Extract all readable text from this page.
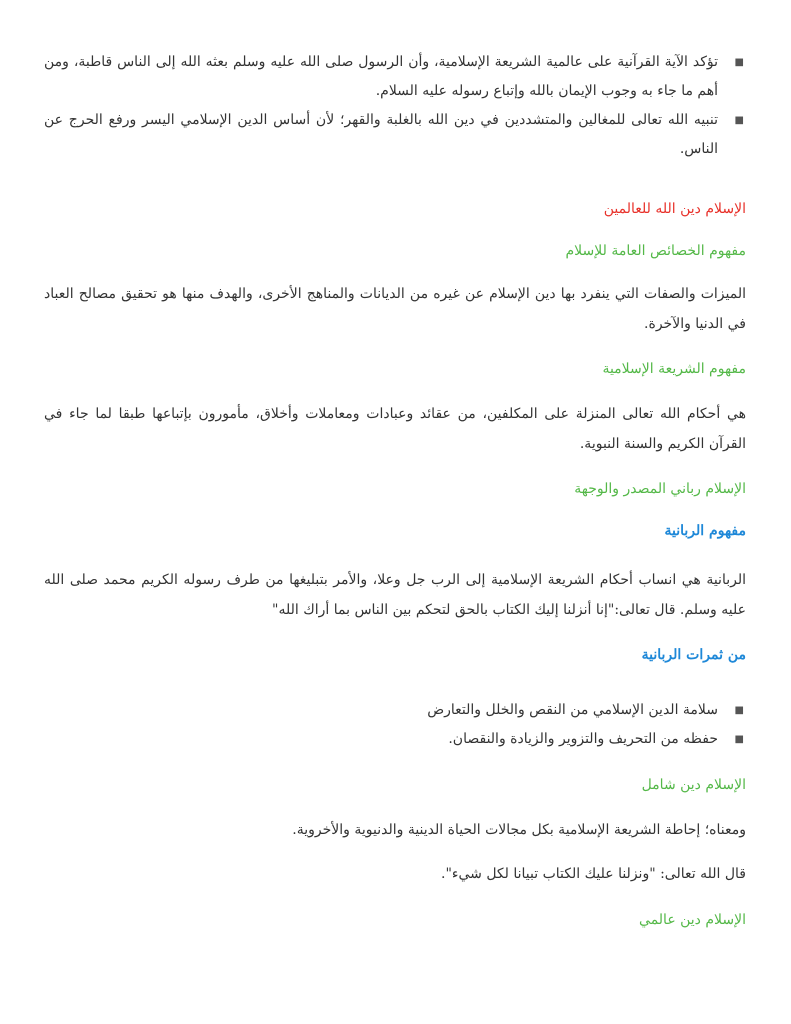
■
تؤكد الآية القرآنية على عالمية الشريعة الإسلامية، وأن الرسول صلى الله عليه وسلم بعثه الله إلى الناس قاطبة، ومن أهم ما جاء به وجوب الإيمان بالله وإتباع رسوله عليه السلام.
■
تنبيه الله تعالى للمغالين والمتشددين في دين الله بالغلبة والقهر؛ لأن أساس الدين الإسلامي اليسر ورفع الحرج عن الناس.
الإسلام دين الله للعالمين
مفهوم الخصائص العامة للإسلام
الميزات والصفات التي ينفرد بها دين الإسلام عن غيره من الديانات والمناهج الأخرى، والهدف منها هو تحقيق مصالح العباد في الدنيا والآخرة.
مفهوم الشريعة الإسلامية
هي أحكام الله تعالى المنزلة على المكلفين، من عقائد وعبادات ومعاملات وأخلاق، مأمورون بإتباعها طبقا لما جاء في القرآن الكريم والسنة النبوية.
الإسلام رباني المصدر والوجهة
مفهوم الربانية
الربانية هي انساب أحكام الشريعة الإسلامية إلى الرب جل وعلا، والأمر بتبليغها من طرف رسوله الكريم محمد صلى الله عليه وسلم. قال تعالى:"إنا أنزلنا إليك الكتاب بالحق لتحكم بين الناس بما أراك الله"
من ثمرات الربانية
■
سلامة الدين الإسلامي من النقص والخلل والتعارض
■
حفظه من التحريف والتزوير والزيادة والنقصان.
الإسلام دين شامل
ومعناه؛ إحاطة الشريعة الإسلامية بكل مجالات الحياة الدينية والدنيوية والأخروية.
قال الله تعالى: "ونزلنا عليك الكتاب تبيانا لكل شيء".
الإسلام دين عالمي
